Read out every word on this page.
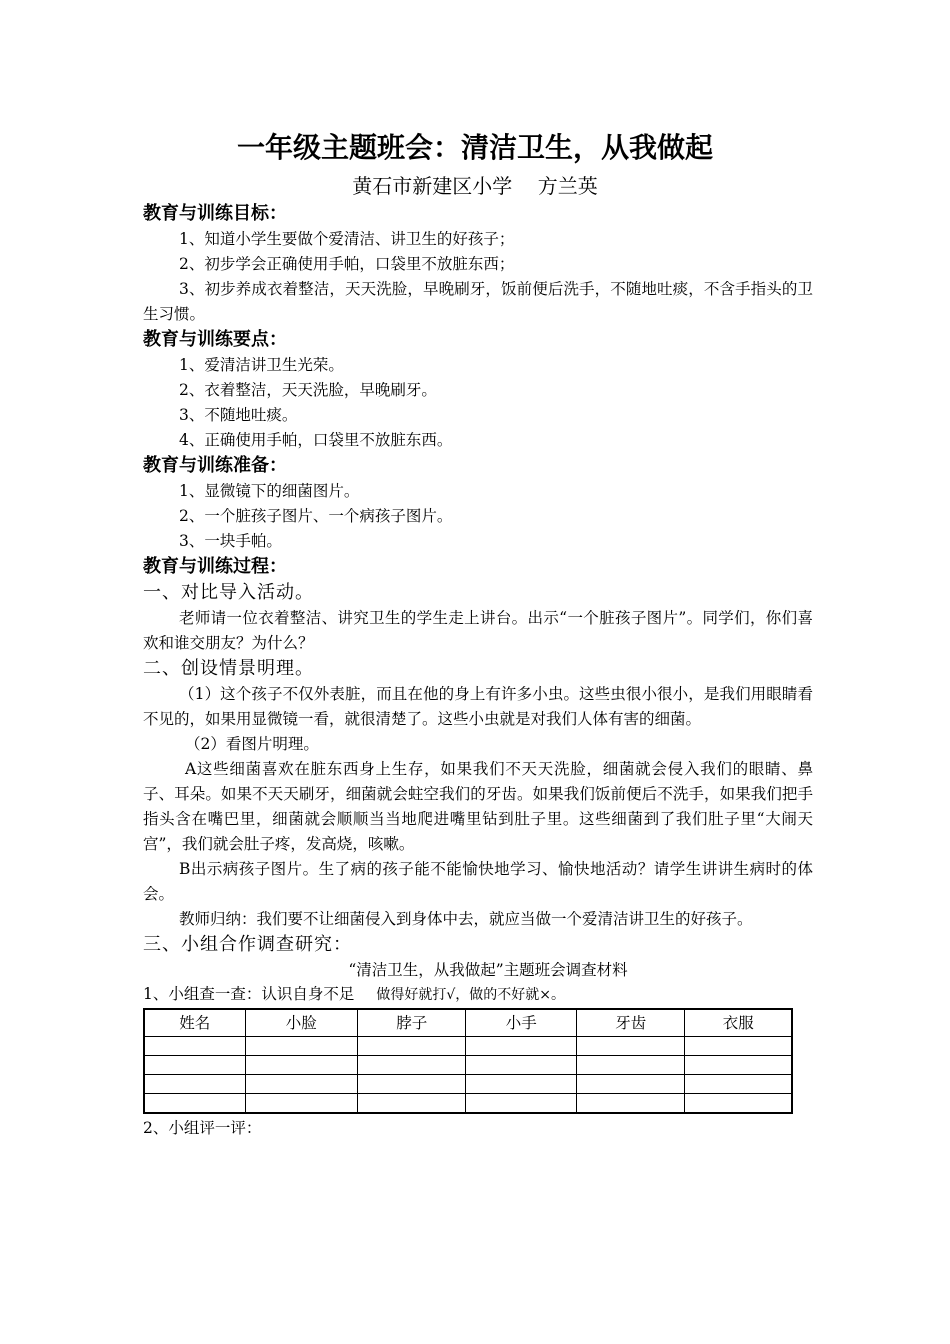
一年级主题班会：清洁卫生，从我做起
黄石市新建区小学    方兰英
教育与训练目标：
1、知道小学生要做个爱清洁、讲卫生的好孩子；
2、初步学会正确使用手帕，口袋里不放脏东西；

3、初步养成衣着整洁，天天洗脸，早晚刷牙，饭前便后洗手，不随地吐痰，不含手指头的卫生习惯。

教育与训练要点：
1、爱清洁讲卫生光荣。
2、衣着整洁，天天洗脸，早晚刷牙。
3、不随地吐痰。
4、正确使用手帕，口袋里不放脏东西。
教育与训练准备：
1、显微镜下的细菌图片。
2、一个脏孩子图片、一个病孩子图片。
3、一块手帕。
教育与训练过程：
一、对比导入活动。

老师请一位衣着整洁、讲究卫生的学生走上讲台。出示“一个脏孩子图片”。同学们，你们喜欢和谁交朋友？为什么？

二、创设情景明理。

（1）这个孩子不仅外表脏，而且在他的身上有许多小虫。这些虫很小很小，是我们用眼睛看不见的，如果用显微镜一看，就很清楚了。这些小虫就是对我们人体有害的细菌。

（2）看图片明理。

A这些细菌喜欢在脏东西身上生存，如果我们不天天洗脸，细菌就会侵入我们的眼睛、鼻子、耳朵。如果不天天刷牙，细菌就会蛀空我们的牙齿。如果我们饭前便后不洗手，如果我们把手指头含在嘴巴里，细菌就会顺顺当当地爬进嘴里钻到肚子里。这些细菌到了我们肚子里“大闹天宫”，我们就会肚子疼，发高烧，咳嗽。

B出示病孩子图片。生了病的孩子能不能愉快地学习、愉快地活动？请学生讲讲生病时的体会。

教师归纳：我们要不让细菌侵入到身体中去，就应当做一个爱清洁讲卫生的好孩子。

三、小组合作调查研究：
“清洁卫生，从我做起”主题班会调查材料
1、小组查一查：认识自身不足 做得好就打√，做的不好就×。
姓名	小脸	脖子	小手	牙齿	衣服

2、小组评一评：
